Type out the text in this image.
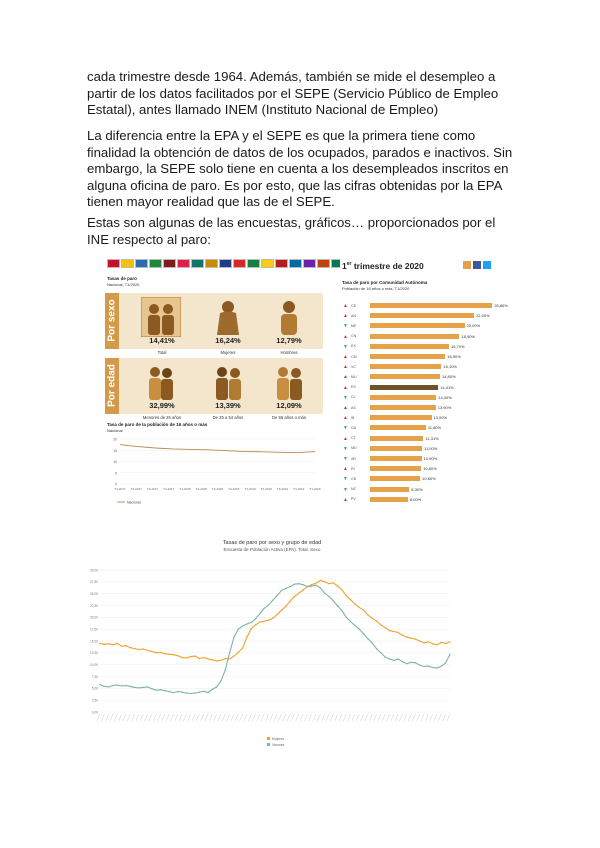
cada trimestre desde 1964. Además, también se mide el desempleo a partir de los datos facilitados por el SEPE (Servicio Público de Empleo Estatal), antes llamado INEM (Instituto Nacional de Empleo)

La diferencia entre la EPA y el SEPE es que la primera tiene como finalidad la obtención de datos de los ocupados, parados e inactivos. Sin embargo, la SEPE solo tiene en cuenta a los desempleados inscritos en alguna oficina de paro. Es por esto, que las cifras obtenidas por la EPA tienen mayor realidad que las de el SEPE.

Estas son algunas de las encuestas, gráficos… proporcionados por el INE respecto al paro:

Tasas de paro
Nacional, T1/2020
Por sexo	14,41%	16,24%	12,79%
Total	Mujeres	Hombres
Por edad	32,99%	13,39%	12,09%
Menores de 25 años	De 25 a 54 años	De 55 años o más
Tasa de paro de la población de 16 años o más
Nacional
20
15
10
5
0
T1-2017 T2-2017 T3-2017 T4-2017 T1-2018 T2-2018 T3-2018 T4-2018 T1-2019 T2-2019 T3-2019 T4-2019 T1-2020
Nacional
1er trimestre de 2020
Tasa de paro por Comunidad Autónoma
Población de 16 años o más, T1/2020
▲ CE	25,86%
▲ AN	22,00%
▼ ME	20,00%
▲ CN	18,90%
▼ EX	16,70%
▲ CM	15,90%
▲ VC	15,10%
▲ MU	14,80%
▲ ES	14,41%
▼ CL	14,00%
▲ AS	13,90%
▲ IB	13,00%
▼ GA	11,80%
▲ CT	11,31%
▼ MD	11,00%
▼ AR	10,90%
▲ RI	10,80%
▼ CB	10,60%
▼ NC	8,30%
▲ PV	8,00%
Tasas de paro por sexo y grupo de edad
Encuesta de Población Activa (EPA). Total. Sexo
30,00
27,50
25,00
22,50
20,00
17,50
15,00
12,50
10,00
7,50
5,00
2,50
0,00
Mujeres
Varones
